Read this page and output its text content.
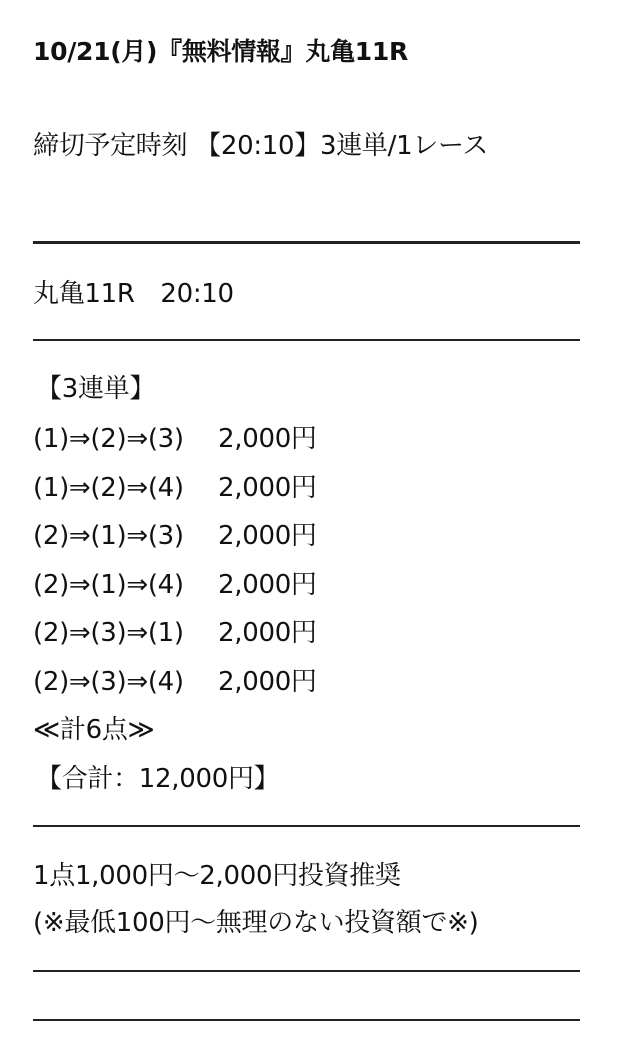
10/21(月)『無料情報』丸亀11R
締切予定時刻 【20:10】3連単/1レース
丸亀11R　20:10
【3連単】
(1)⇒(2)⇒(3) 2,000円
(1)⇒(2)⇒(4) 2,000円
(2)⇒(1)⇒(3) 2,000円
(2)⇒(1)⇒(4) 2,000円
(2)⇒(3)⇒(1) 2,000円
(2)⇒(3)⇒(4) 2,000円
≪計6点≫
【合計：12,000円】
1点1,000円～2,000円投資推奨
(※最低100円～無理のない投資額で※)
